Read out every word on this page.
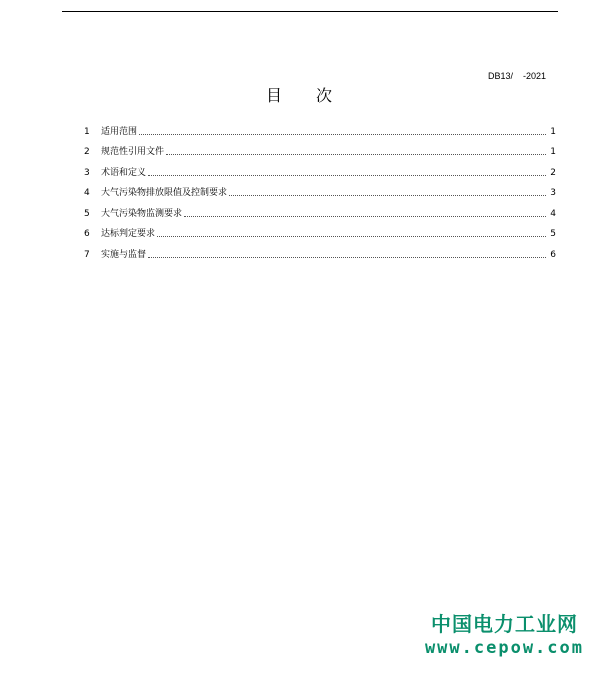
DB13/    -2021
目 次
1	适用范围	1
2	规范性引用文件	1
3	术语和定义	2
4	大气污染物排放限值及控制要求	3
5	大气污染物监测要求	4
6	达标判定要求	5
7	实施与监督	6
中国电力工业网
www.cepow.com
